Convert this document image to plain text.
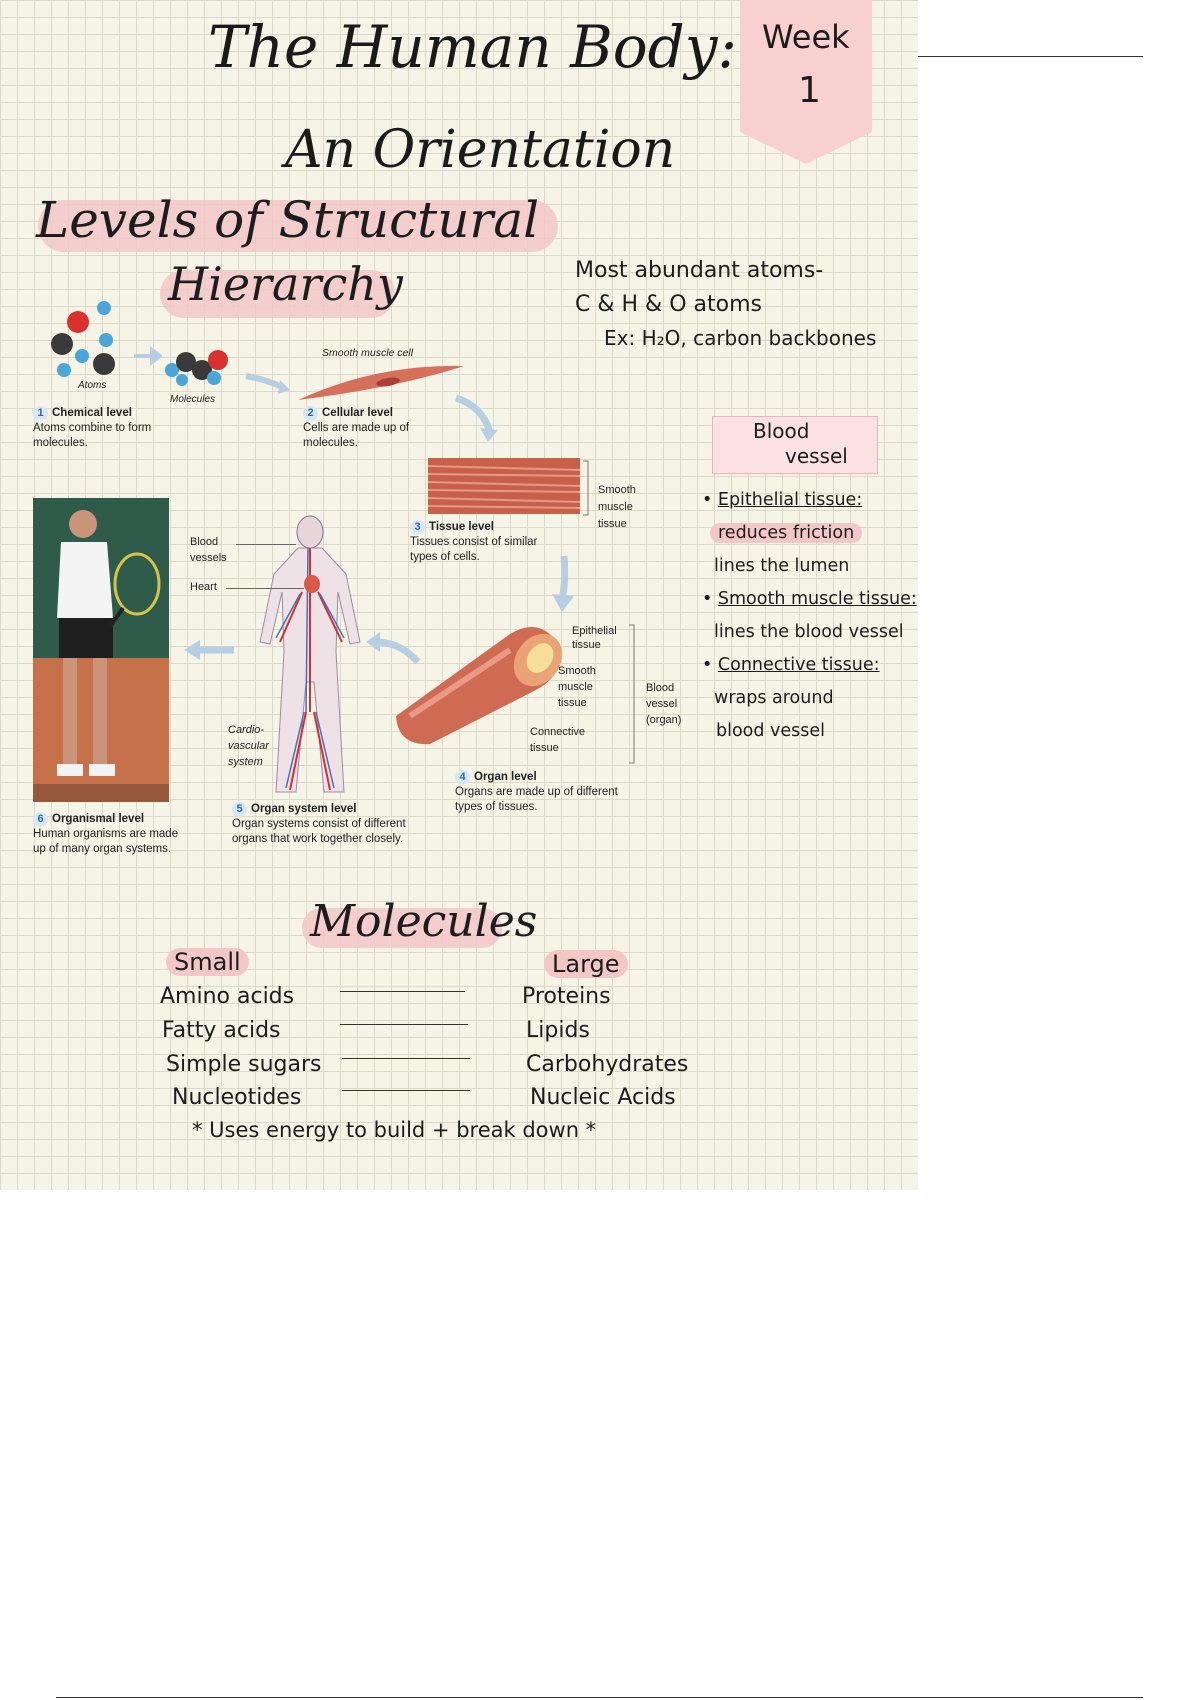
The Human Body:
An Orientation
Week
1
Levels of Structural
Hierarchy	Most abundant atoms-
C & H & O atoms
Ex: H₂O, carbon backbones
Atoms
Molecules
Smooth muscle cell
1 Chemical level
Atoms combine to form molecules.
2 Cellular level
Cells are made up of molecules.
Smooth muscle tissue
3 Tissue level
Tissues consist of similar types of cells.
Epithelial tissue
Smooth muscle tissue
Connective tissue
Blood vessel (organ)
4 Organ level
Organs are made up of different types of tissues.
Blood vessels
Heart
Cardio-vascular system
5 Organ system level
Organ systems consist of different organs that work together closely.
6 Organismal level
Human organisms are made up of many organ systems.
Blood
vessel
• Epithelial tissue:
reduces friction
lines the lumen
• Smooth muscle tissue:
lines the blood vessel
• Connective tissue:
wraps around
blood vessel
Molecules
Small	Large
Amino acids
Fatty acids
Simple sugars
Nucleotides
Proteins
Lipids
Carbohydrates
Nucleic Acids
* Uses energy to build + break down *
